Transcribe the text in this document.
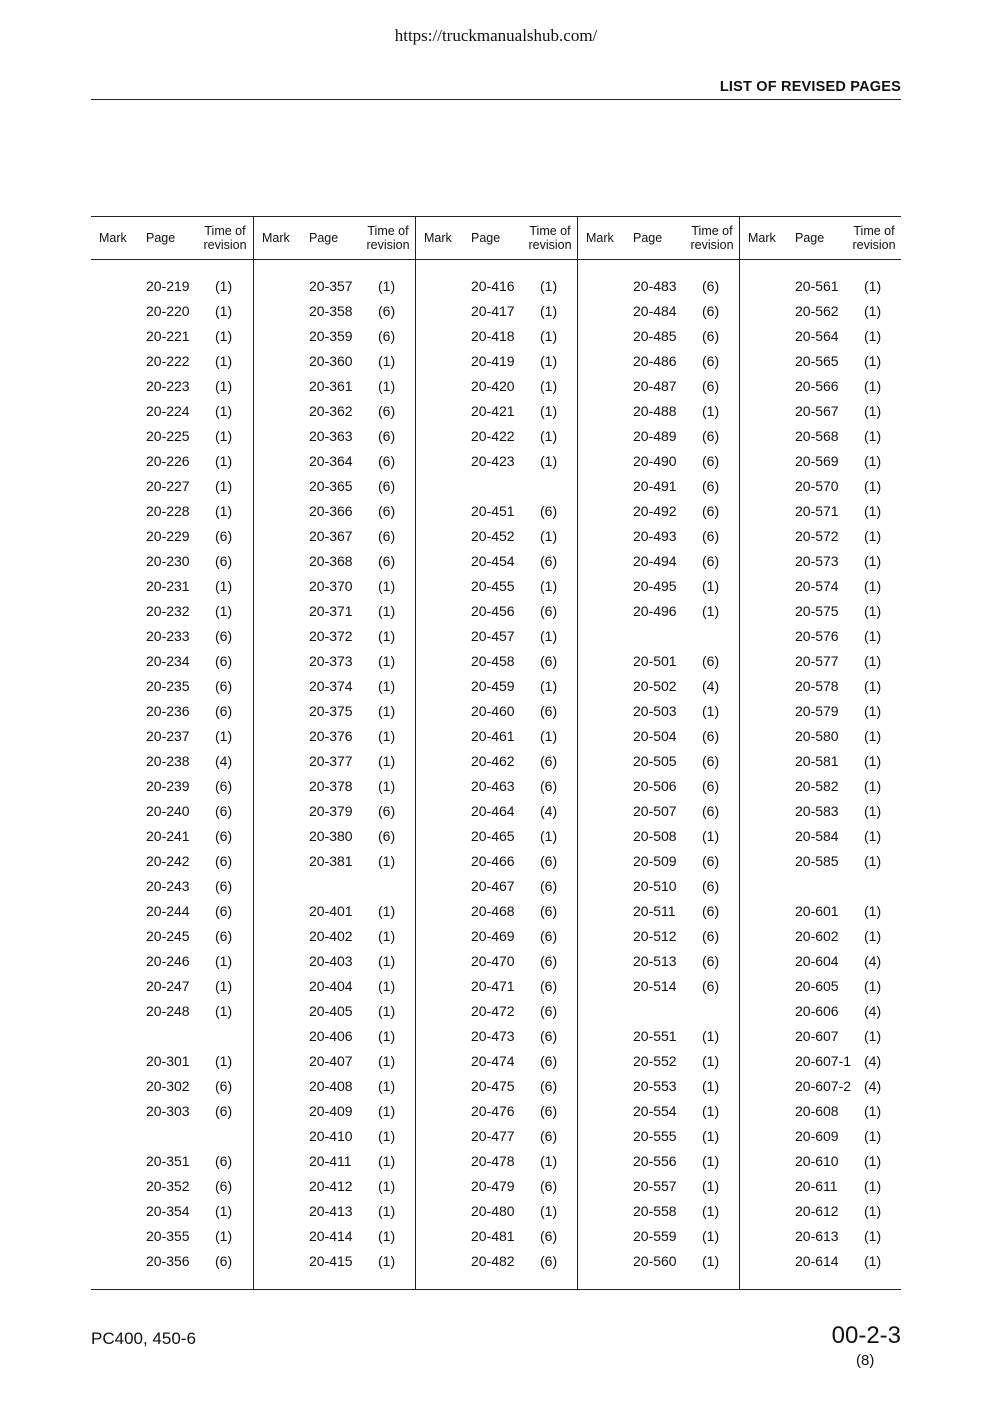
https://truckmanualshub.com/
LIST OF REVISED PAGES
Mark Page Time of
revision
20-219 (1)
20-220 (1)
20-221 (1)
20-222 (1)
20-223 (1)
20-224 (1)
20-225 (1)
20-226 (1)
20-227 (1)
20-228 (1)
20-229 (6)
20-230 (6)
20-231 (1)
20-232 (1)
20-233 (6)
20-234 (6)
20-235 (6)
20-236 (6)
20-237 (1)
20-238 (4)
20-239 (6)
20-240 (6)
20-241 (6)
20-242 (6)
20-243 (6)
20-244 (6)
20-245 (6)
20-246 (1)
20-247 (1)
20-248 (1)
20-301 (1)
20-302 (6)
20-303 (6)
20-351 (6)
20-352 (6)
20-354 (1)
20-355 (1)
20-356 (6)
Mark Page Time of
revision
20-357 (1)
20-358 (6)
20-359 (6)
20-360 (1)
20-361 (1)
20-362 (6)
20-363 (6)
20-364 (6)
20-365 (6)
20-366 (6)
20-367 (6)
20-368 (6)
20-370 (1)
20-371 (1)
20-372 (1)
20-373 (1)
20-374 (1)
20-375 (1)
20-376 (1)
20-377 (1)
20-378 (1)
20-379 (6)
20-380 (6)
20-381 (1)
20-401 (1)
20-402 (1)
20-403 (1)
20-404 (1)
20-405 (1)
20-406 (1)
20-407 (1)
20-408 (1)
20-409 (1)
20-410 (1)
20-411 (1)
20-412 (1)
20-413 (1)
20-414 (1)
20-415 (1)
Mark Page Time of
revision
20-416 (1)
20-417 (1)
20-418 (1)
20-419 (1)
20-420 (1)
20-421 (1)
20-422 (1)
20-423 (1)
20-451 (6)
20-452 (1)
20-454 (6)
20-455 (1)
20-456 (6)
20-457 (1)
20-458 (6)
20-459 (1)
20-460 (6)
20-461 (1)
20-462 (6)
20-463 (6)
20-464 (4)
20-465 (1)
20-466 (6)
20-467 (6)
20-468 (6)
20-469 (6)
20-470 (6)
20-471 (6)
20-472 (6)
20-473 (6)
20-474 (6)
20-475 (6)
20-476 (6)
20-477 (6)
20-478 (1)
20-479 (6)
20-480 (1)
20-481 (6)
20-482 (6)
Mark Page Time of
revision
20-483 (6)
20-484 (6)
20-485 (6)
20-486 (6)
20-487 (6)
20-488 (1)
20-489 (6)
20-490 (6)
20-491 (6)
20-492 (6)
20-493 (6)
20-494 (6)
20-495 (1)
20-496 (1)
20-501 (6)
20-502 (4)
20-503 (1)
20-504 (6)
20-505 (6)
20-506 (6)
20-507 (6)
20-508 (1)
20-509 (6)
20-510 (6)
20-511 (6)
20-512 (6)
20-513 (6)
20-514 (6)
20-551 (1)
20-552 (1)
20-553 (1)
20-554 (1)
20-555 (1)
20-556 (1)
20-557 (1)
20-558 (1)
20-559 (1)
20-560 (1)
Mark Page Time of
revision
20-561 (1)
20-562 (1)
20-564 (1)
20-565 (1)
20-566 (1)
20-567 (1)
20-568 (1)
20-569 (1)
20-570 (1)
20-571 (1)
20-572 (1)
20-573 (1)
20-574 (1)
20-575 (1)
20-576 (1)
20-577 (1)
20-578 (1)
20-579 (1)
20-580 (1)
20-581 (1)
20-582 (1)
20-583 (1)
20-584 (1)
20-585 (1)
20-601 (1)
20-602 (1)
20-604 (4)
20-605 (1)
20-606 (4)
20-607 (1)
20-607-1 (4)
20-607-2 (4)
20-608 (1)
20-609 (1)
20-610 (1)
20-611 (1)
20-612 (1)
20-613 (1)
20-614 (1)
PC400, 450-6	00-2-3
(8)
